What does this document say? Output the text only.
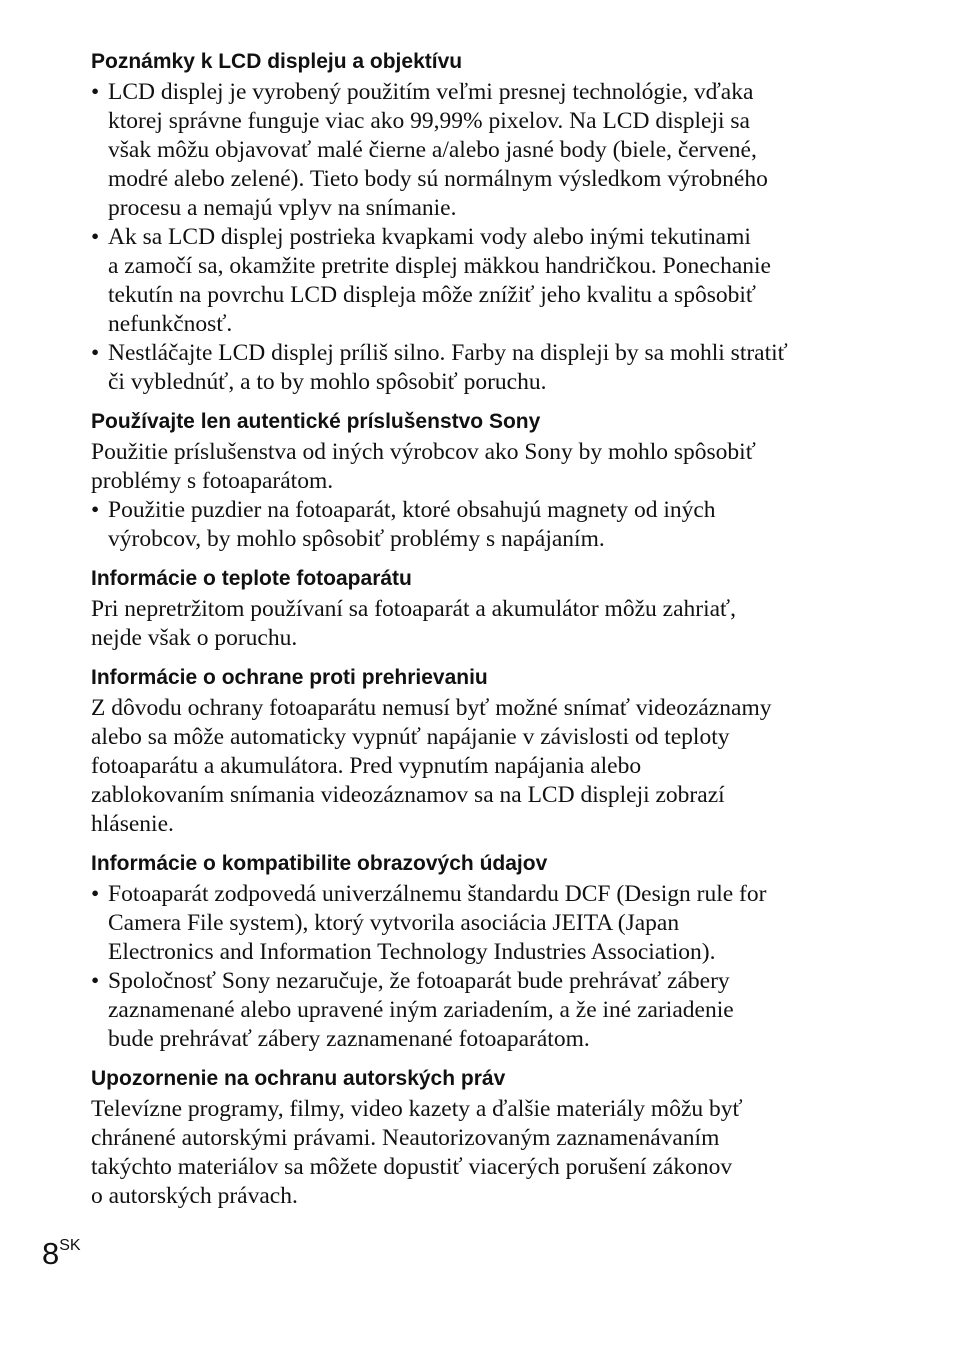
Poznámky k LCD displeju a objektívu
• LCD displej je vyrobený použitím veľmi presnej technológie, vďaka
ktorej správne funguje viac ako 99,99% pixelov. Na LCD displeji sa
však môžu objavovať malé čierne a/alebo jasné body (biele, červené,
modré alebo zelené). Tieto body sú normálnym výsledkom výrobného
procesu a nemajú vplyv na snímanie.
• Ak sa LCD displej postrieka kvapkami vody alebo inými tekutinami
a zamočí sa, okamžite pretrite displej mäkkou handričkou. Ponechanie
tekutín na povrchu LCD displeja môže znížiť jeho kvalitu a spôsobiť
nefunkčnosť.
• Nestláčajte LCD displej príliš silno. Farby na displeji by sa mohli stratiť
či vyblednúť, a to by mohlo spôsobiť poruchu.
Používajte len autentické príslušenstvo Sony

Použitie príslušenstva od iných výrobcov ako Sony by mohlo spôsobiť
problémy s fotoaparátom.

• Použitie puzdier na fotoaparát, ktoré obsahujú magnety od iných
výrobcov, by mohlo spôsobiť problémy s napájaním.
Informácie o teplote fotoaparátu

Pri nepretržitom používaní sa fotoaparát a akumulátor môžu zahriať,
nejde však o poruchu.

Informácie o ochrane proti prehrievaniu

Z dôvodu ochrany fotoaparátu nemusí byť možné snímať videozáznamy
alebo sa môže automaticky vypnúť napájanie v závislosti od teploty
fotoaparátu a akumulátora. Pred vypnutím napájania alebo
zablokovaním snímania videozáznamov sa na LCD displeji zobrazí
hlásenie.

Informácie o kompatibilite obrazových údajov
• Fotoaparát zodpovedá univerzálnemu štandardu DCF (Design rule for
Camera File system), ktorý vytvorila asociácia JEITA (Japan
Electronics and Information Technology Industries Association).
• Spoločnosť Sony nezaručuje, že fotoaparát bude prehrávať zábery
zaznamenané alebo upravené iným zariadením, a že iné zariadenie
bude prehrávať zábery zaznamenané fotoaparátom.
Upozornenie na ochranu autorských práv

Televízne programy, filmy, video kazety a ďalšie materiály môžu byť
chránené autorskými právami. Neautorizovaným zaznamenávaním
takýchto materiálov sa môžete dopustiť viacerých porušení zákonov
o autorských právach.

8SK
